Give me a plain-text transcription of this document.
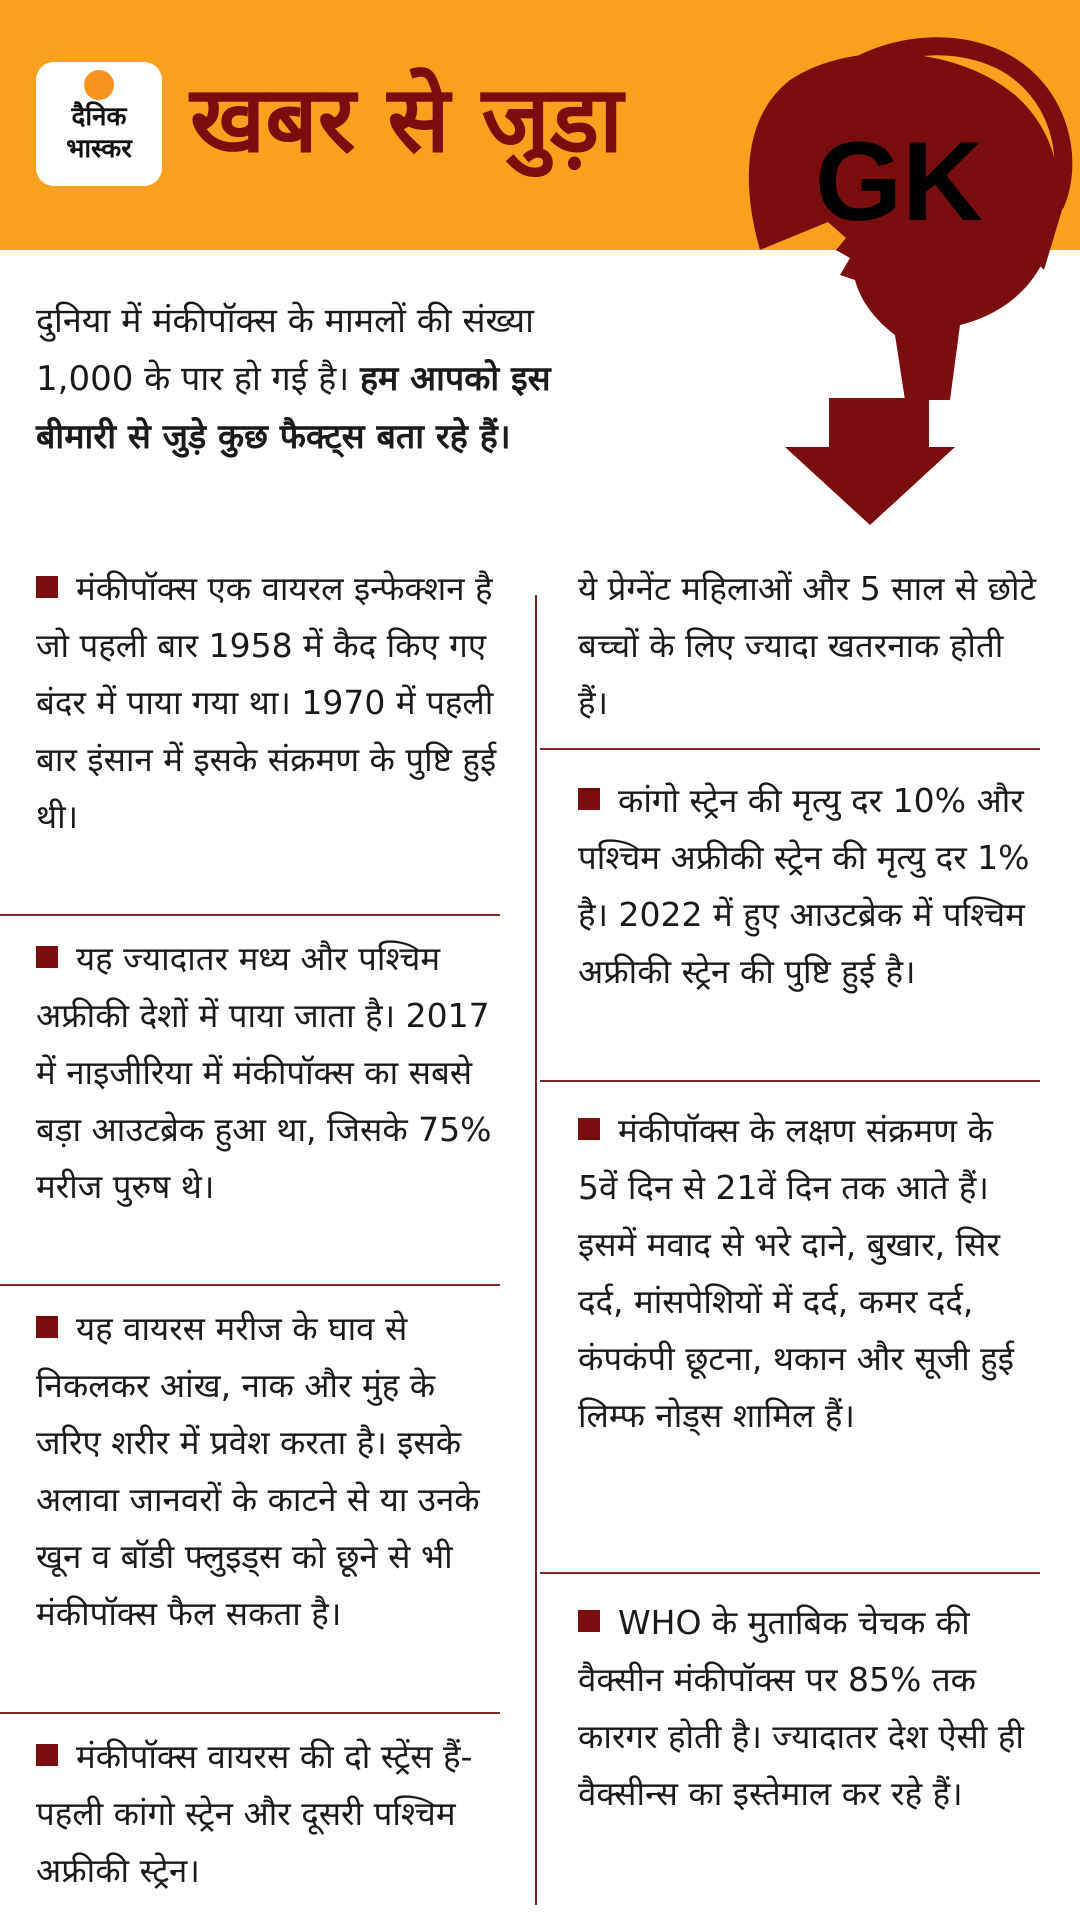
दैनिक
भास्कर खबर से जुड़ा GK
दुनिया में मंकीपॉक्स के मामलों की संख्या 1,000 के पार हो गई है। हम आपको इस बीमारी से जुड़े कुछ फैक्ट्स बता रहे हैं।
मंकीपॉक्स एक वायरल इन्फेक्शन है जो पहली बार 1958 में कैद किए गए बंदर में पाया गया था। 1970 में पहली बार इंसान में इसके संक्रमण के पुष्टि हुई थी।
यह ज्यादातर मध्य और पश्चिम अफ्रीकी देशों में पाया जाता है। 2017 में नाइजीरिया में मंकीपॉक्स का सबसे बड़ा आउटब्रेक हुआ था, जिसके 75% मरीज पुरुष थे।
यह वायरस मरीज के घाव से निकलकर आंख, नाक और मुंह के जरिए शरीर में प्रवेश करता है। इसके अलावा जानवरों के काटने से या उनके खून व बॉडी फ्लुइड्स को छूने से भी मंकीपॉक्स फैल सकता है।
मंकीपॉक्स वायरस की दो स्ट्रेंस हैं- पहली कांगो स्ट्रेन और दूसरी पश्चिम अफ्रीकी स्ट्रेन।
ये प्रेग्नेंट महिलाओं और 5 साल से छोटे बच्चों के लिए ज्यादा खतरनाक होती हैं।
कांगो स्ट्रेन की मृत्यु दर 10% और पश्चिम अफ्रीकी स्ट्रेन की मृत्यु दर 1% है। 2022 में हुए आउटब्रेक में पश्चिम अफ्रीकी स्ट्रेन की पुष्टि हुई है।
मंकीपॉक्स के लक्षण संक्रमण के 5वें दिन से 21वें दिन तक आते हैं। इसमें मवाद से भरे दाने, बुखार, सिर दर्द, मांसपेशियों में दर्द, कमर दर्द, कंपकंपी छूटना, थकान और सूजी हुई लिम्फ नोड्स शामिल हैं।
WHO के मुताबिक चेचक की वैक्सीन मंकीपॉक्स पर 85% तक कारगर होती है। ज्यादातर देश ऐसी ही वैक्सीन्स का इस्तेमाल कर रहे हैं।
